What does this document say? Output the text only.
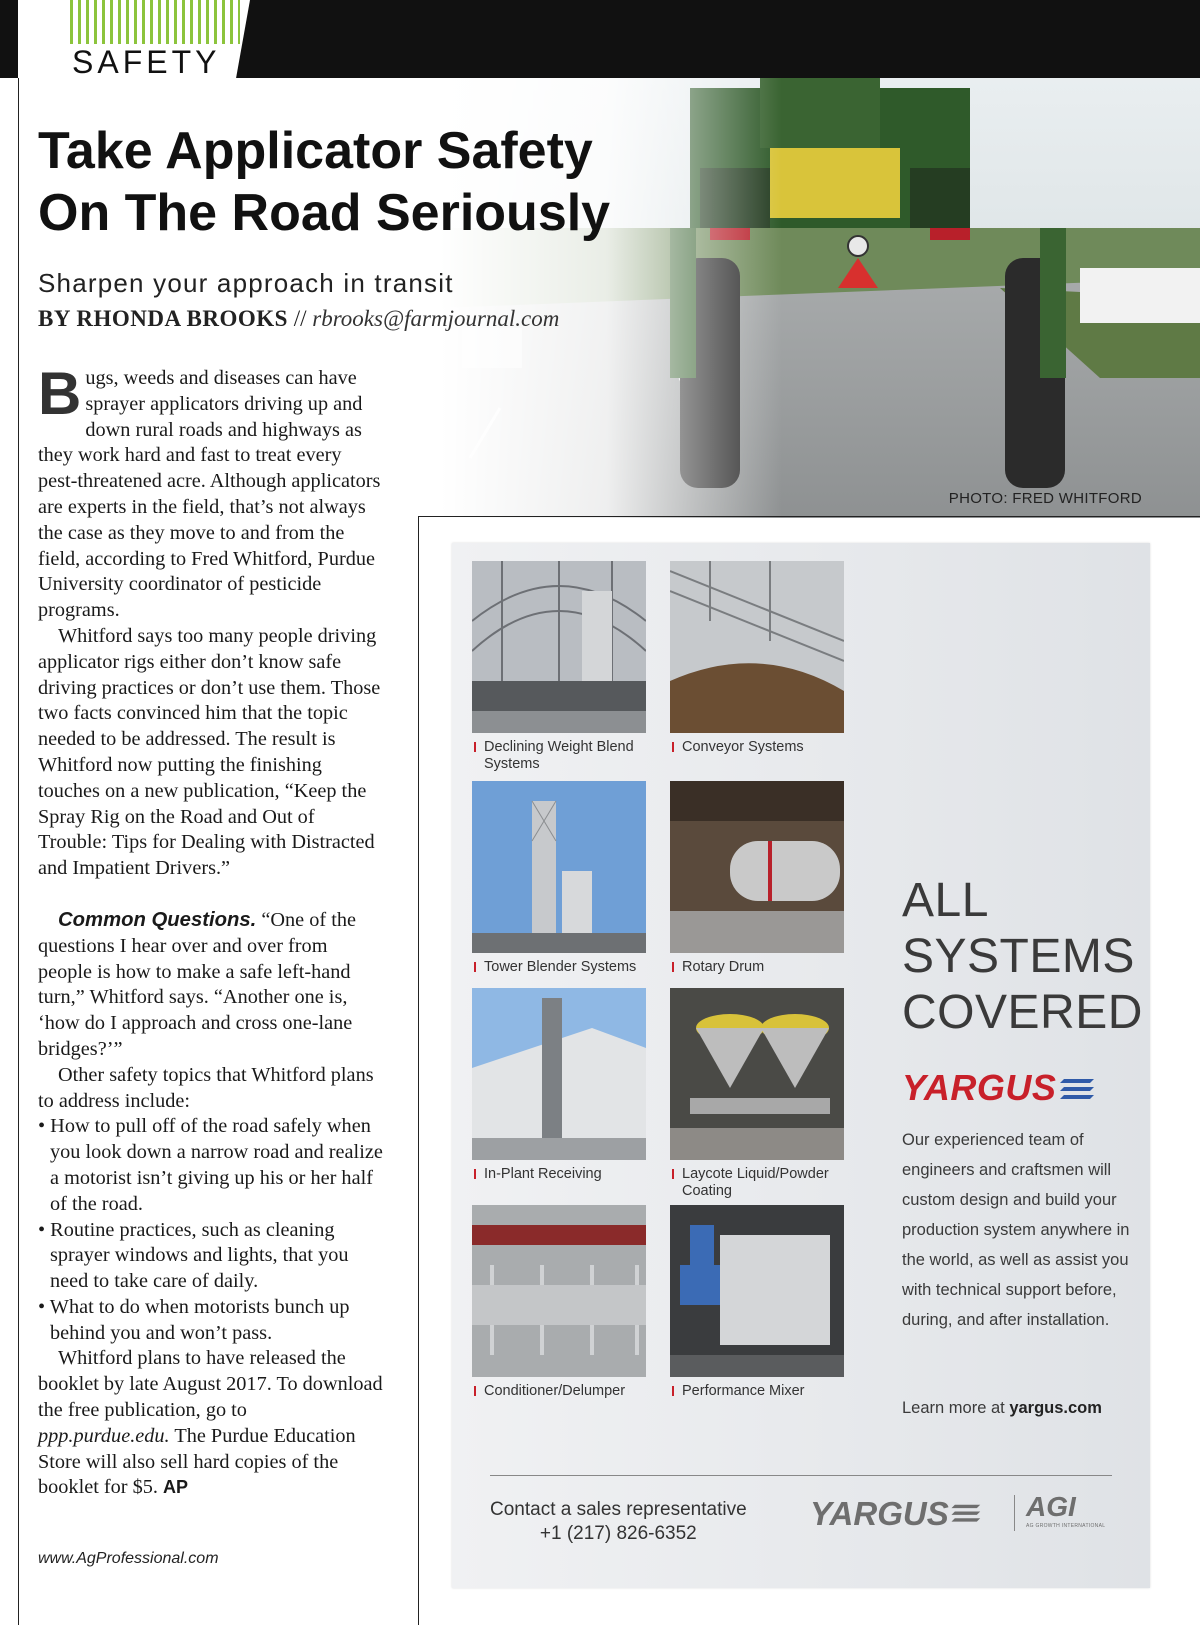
SAFETY
PHOTO: FRED WHITFORD
Take Applicator Safety
On The Road Seriously
Sharpen your approach in transit
BY RHONDA BROOKS // rbrooks@farmjournal.com

Bugs, weeds and diseases can have sprayer applicators driving up and down rural roads and highways as they work hard and fast to treat every pest-threatened acre. Although applicators are experts in the field, that’s not always the case as they move to and from the field, according to Fred Whitford, Purdue University coordinator of pesticide programs.

Whitford says too many people driving applicator rigs either don’t know safe driving practices or don’t use them. Those two facts convinced him that the topic needed to be addressed. The result is Whitford now putting the finishing touches on a new publication, “Keep the Spray Rig on the Road and Out of Trouble: Tips for Dealing with Distracted and Impatient Drivers.”

Common Questions. “One of the questions I hear over and over from people is how to make a safe left-hand turn,” Whitford says. “Another one is, ‘how do I approach and cross one-lane bridges?’”

Other safety topics that Whitford plans to address include:

• How to pull off of the road safely when you look down a narrow road and realize a motorist isn’t giving up his or her half of the road.

• Routine practices, such as cleaning sprayer windows and lights, that you need to take care of daily.

• What to do when motorists bunch up behind you and won’t pass.

Whitford plans to have released the booklet by late August 2017. To download the free publication, go to ppp.purdue.edu. The Purdue Education Store will also sell hard copies of the booklet for $5. AP

www.AgProfessional.com
Declining Weight Blend Systems
Conveyor Systems
Tower Blender Systems	Rotary Drum
In-Plant Receiving	Laycote Liquid/Powder Coating
Conditioner/Delumper	Performance Mixer
ALL
SYSTEMS
COVERED
YARGUS
Our experienced team of engineers and craftsmen will custom design and build your production system anywhere in the world, as well as assist you with technical support before, during, and after installation.
Learn more at yargus.com
Contact a sales representative
+1 (217) 826-6352
YARGUS	AGI
AG GROWTH INTERNATIONAL
